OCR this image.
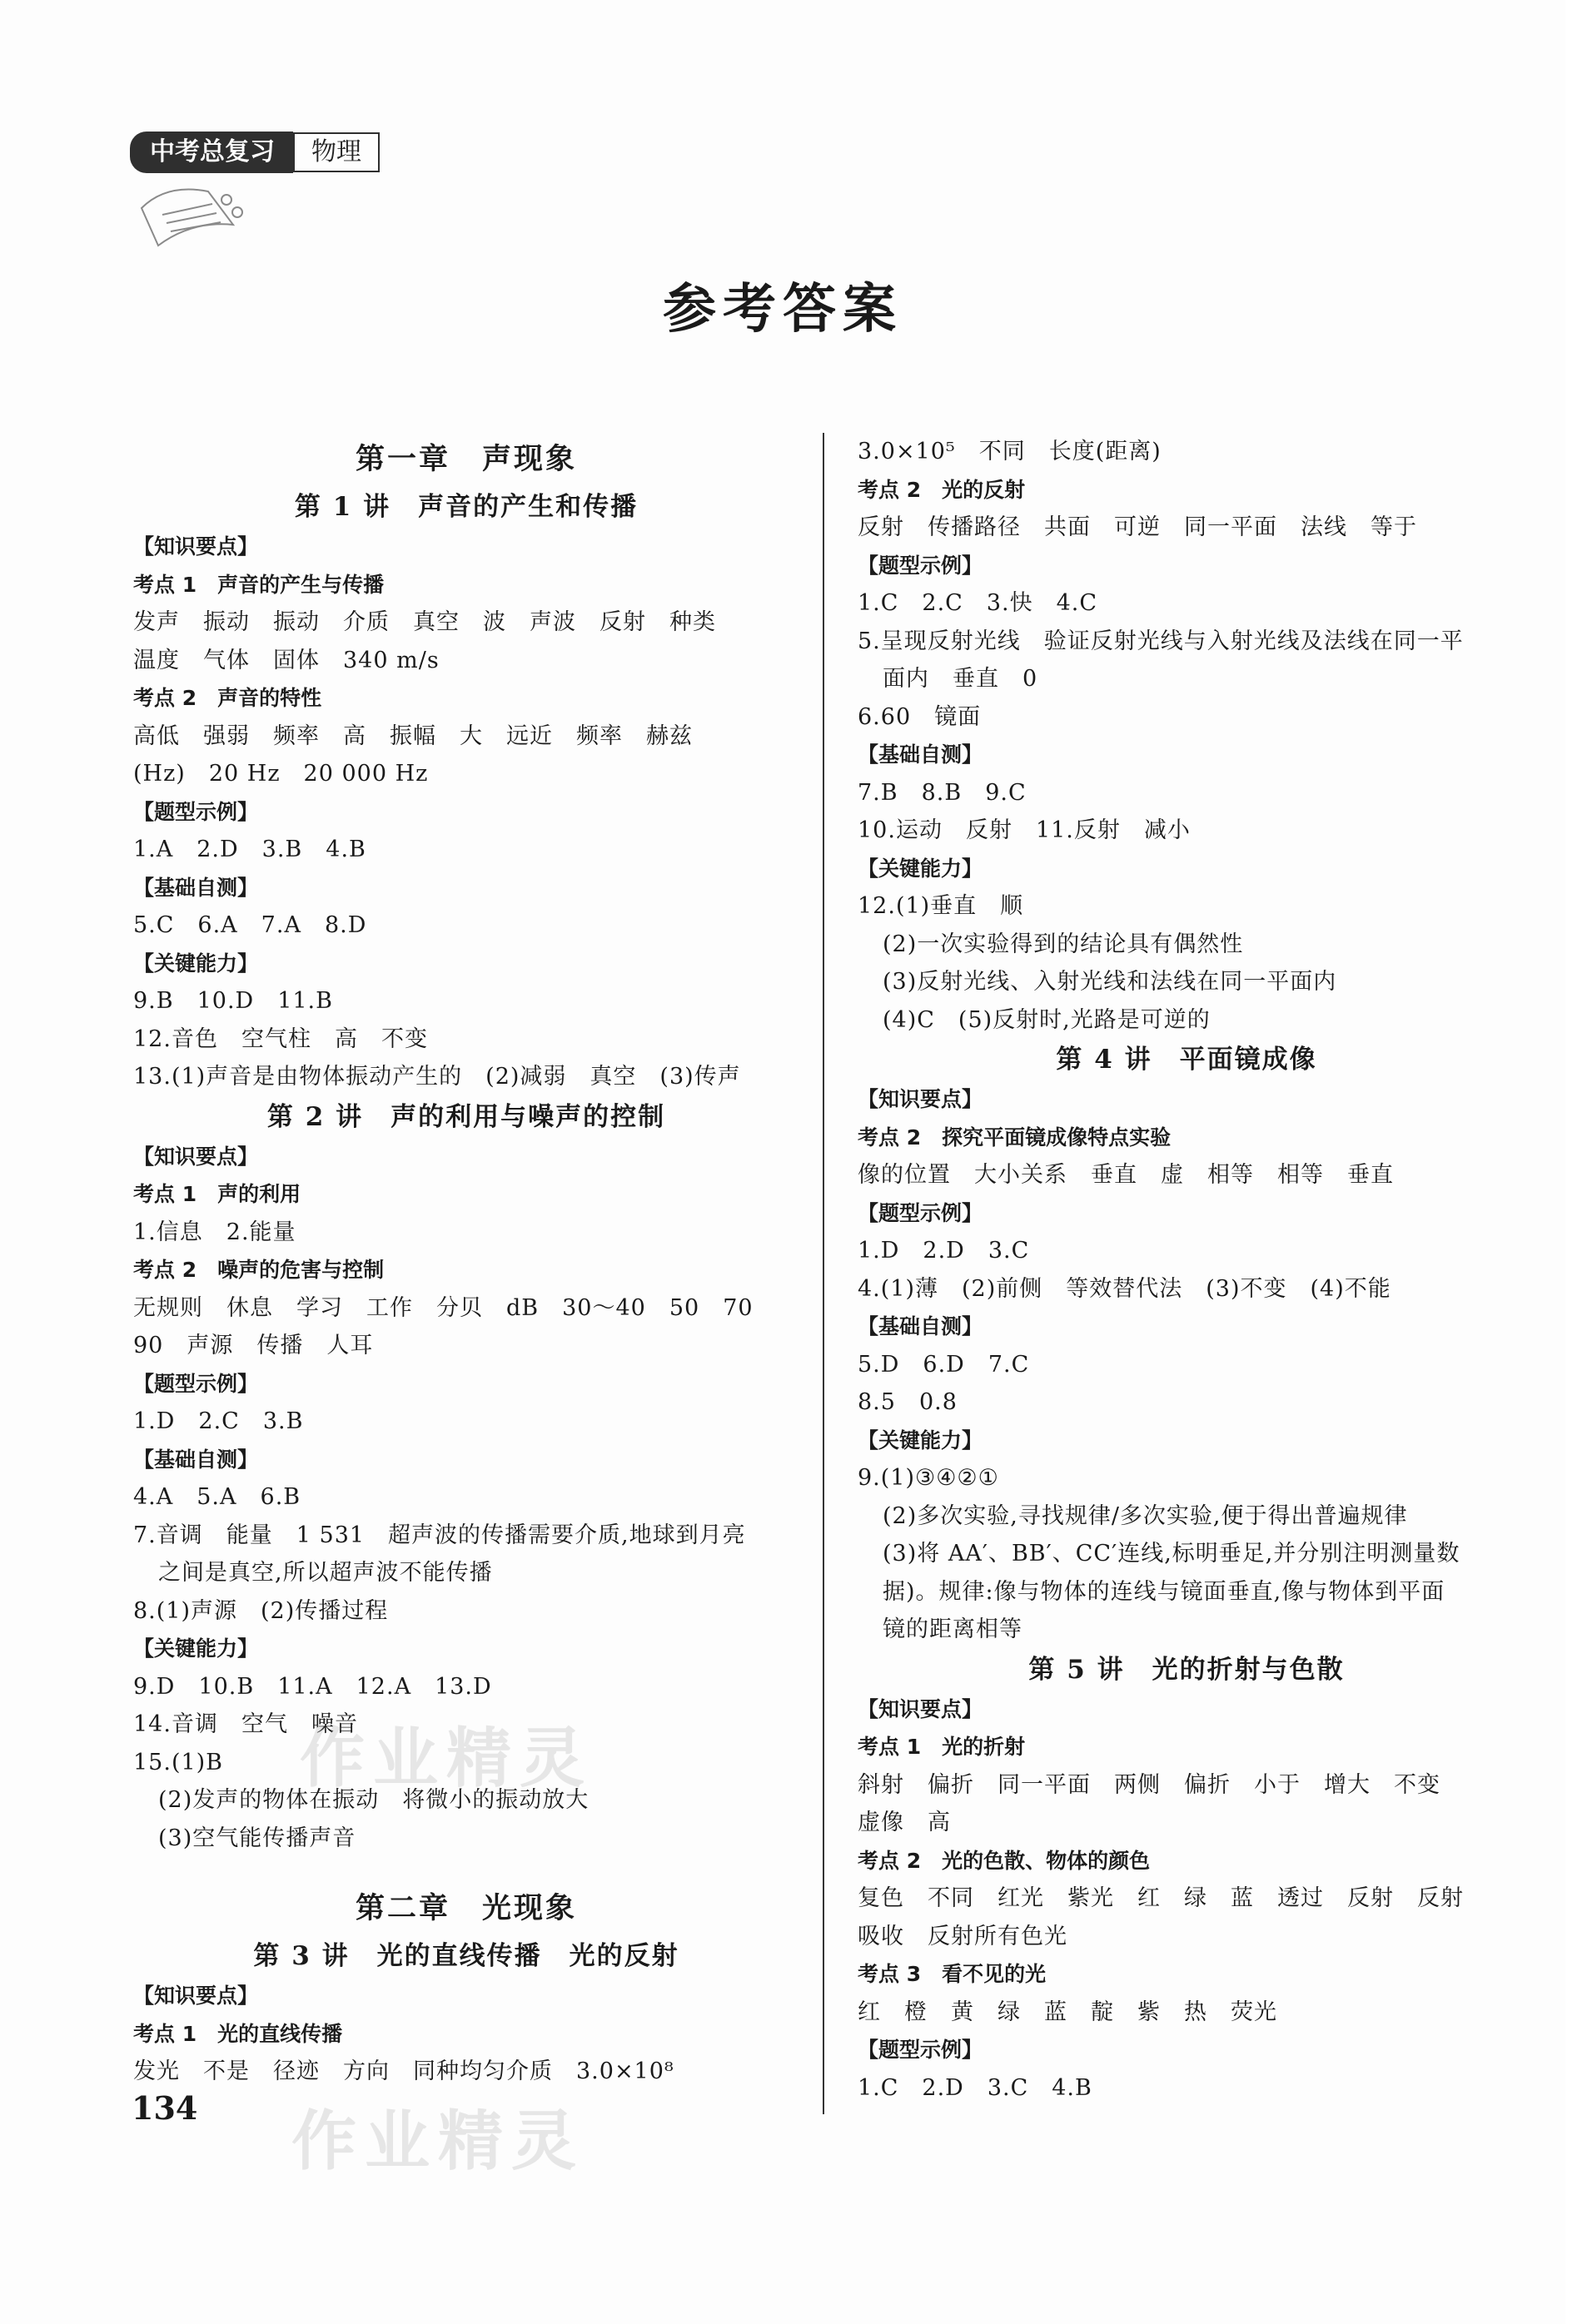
中考总复习	物理
参考答案
第一章　声现象
第 1 讲　声音的产生和传播
【知识要点】
考点 1　声音的产生与传播
发声　振动　振动　介质　真空　波　声波　反射　种类
温度　气体　固体　340 m/s
考点 2　声音的特性
高低　强弱　频率　高　振幅　大　远近　频率　赫兹
(Hz)　20 Hz　20 000 Hz
【题型示例】
1.A　2.D　3.B　4.B
【基础自测】
5.C　6.A　7.A　8.D
【关键能力】
9.B　10.D　11.B
12.音色　空气柱　高　不变
13.(1)声音是由物体振动产生的　(2)减弱　真空　(3)传声
第 2 讲　声的利用与噪声的控制
【知识要点】
考点 1　声的利用
1.信息　2.能量
考点 2　噪声的危害与控制
无规则　休息　学习　工作　分贝　dB　30～40　50　70
90　声源　传播　人耳
【题型示例】
1.D　2.C　3.B
【基础自测】
4.A　5.A　6.B
7.音调　能量　1 531　超声波的传播需要介质,地球到月亮
之间是真空,所以超声波不能传播
8.(1)声源　(2)传播过程
【关键能力】
9.D　10.B　11.A　12.A　13.D
14.音调　空气　噪音
15.(1)B
(2)发声的物体在振动　将微小的振动放大
(3)空气能传播声音
第二章　光现象
第 3 讲　光的直线传播　光的反射
【知识要点】
考点 1　光的直线传播
发光　不是　径迹　方向　同种均匀介质　3.0×10⁸
3.0×10⁵　不同　长度(距离)
考点 2　光的反射
反射　传播路径　共面　可逆　同一平面　法线　等于
【题型示例】
1.C　2.C　3.快　4.C
5.呈现反射光线　验证反射光线与入射光线及法线在同一平
面内　垂直　0
6.60　镜面
【基础自测】
7.B　8.B　9.C
10.运动　反射　11.反射　减小
【关键能力】
12.(1)垂直　顺
(2)一次实验得到的结论具有偶然性
(3)反射光线、入射光线和法线在同一平面内
(4)C　(5)反射时,光路是可逆的
第 4 讲　平面镜成像
【知识要点】
考点 2　探究平面镜成像特点实验
像的位置　大小关系　垂直　虚　相等　相等　垂直
【题型示例】
1.D　2.D　3.C
4.(1)薄　(2)前侧　等效替代法　(3)不变　(4)不能
【基础自测】
5.D　6.D　7.C
8.5　0.8
【关键能力】
9.(1)③④②①
(2)多次实验,寻找规律/多次实验,便于得出普遍规律
(3)将 AA′、BB′、CC′连线,标明垂足,并分别注明测量数
据)。规律:像与物体的连线与镜面垂直,像与物体到平面
镜的距离相等
第 5 讲　光的折射与色散
【知识要点】
考点 1　光的折射
斜射　偏折　同一平面　两侧　偏折　小于　增大　不变
虚像　高
考点 2　光的色散、物体的颜色
复色　不同　红光　紫光　红　绿　蓝　透过　反射　反射
吸收　反射所有色光
考点 3　看不见的光
红　橙　黄　绿　蓝　靛　紫　热　荧光
【题型示例】
1.C　2.D　3.C　4.B
作业精灵
作业精灵
134
